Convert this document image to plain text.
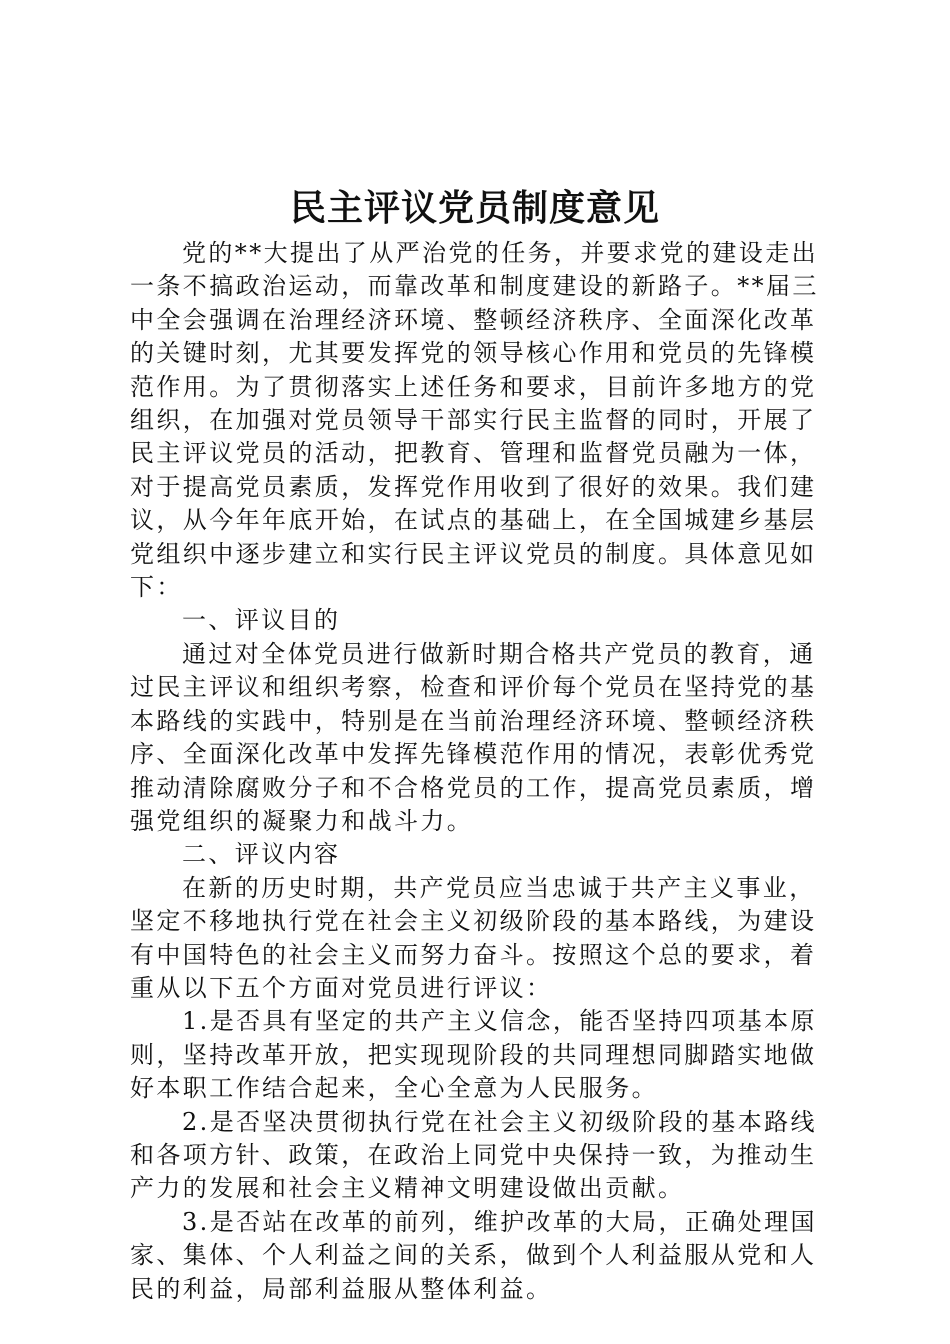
民主评议党员制度意见

党的**大提出了从严治党的任务，并要求党的建设走出一条不搞政治运动，而靠改革和制度建设的新路子。**届三中全会强调在治理经济环境、整顿经济秩序、全面深化改革的关键时刻，尤其要发挥党的领导核心作用和党员的先锋模范作用。为了贯彻落实上述任务和要求，目前许多地方的党组织，在加强对党员领导干部实行民主监督的同时，开展了民主评议党员的活动，把教育、管理和监督党员融为一体，对于提高党员素质，发挥党作用收到了很好的效果。我们建议，从今年年底开始，在试点的基础上，在全国城建乡基层党组织中逐步建立和实行民主评议党员的制度。具体意见如下：

一、评议目的

通过对全体党员进行做新时期合格共产党员的教育，通过民主评议和组织考察，检查和评价每个党员在坚持党的基本路线的实践中，特别是在当前治理经济环境、整顿经济秩序、全面深化改革中发挥先锋模范作用的情况，表彰优秀党推动清除腐败分子和不合格党员的工作，提高党员素质，增强党组织的凝聚力和战斗力。

二、评议内容

在新的历史时期，共产党员应当忠诚于共产主义事业，坚定不移地执行党在社会主义初级阶段的基本路线，为建设有中国特色的社会主义而努力奋斗。按照这个总的要求，着重从以下五个方面对党员进行评议：

1.是否具有坚定的共产主义信念，能否坚持四项基本原则，坚持改革开放，把实现现阶段的共同理想同脚踏实地做好本职工作结合起来，全心全意为人民服务。

2.是否坚决贯彻执行党在社会主义初级阶段的基本路线和各项方针、政策，在政治上同党中央保持一致，为推动生产力的发展和社会主义精神文明建设做出贡献。

3.是否站在改革的前列，维护改革的大局，正确处理国家、集体、个人利益之间的关系，做到个人利益服从党和人民的利益，局部利益服从整体利益。
